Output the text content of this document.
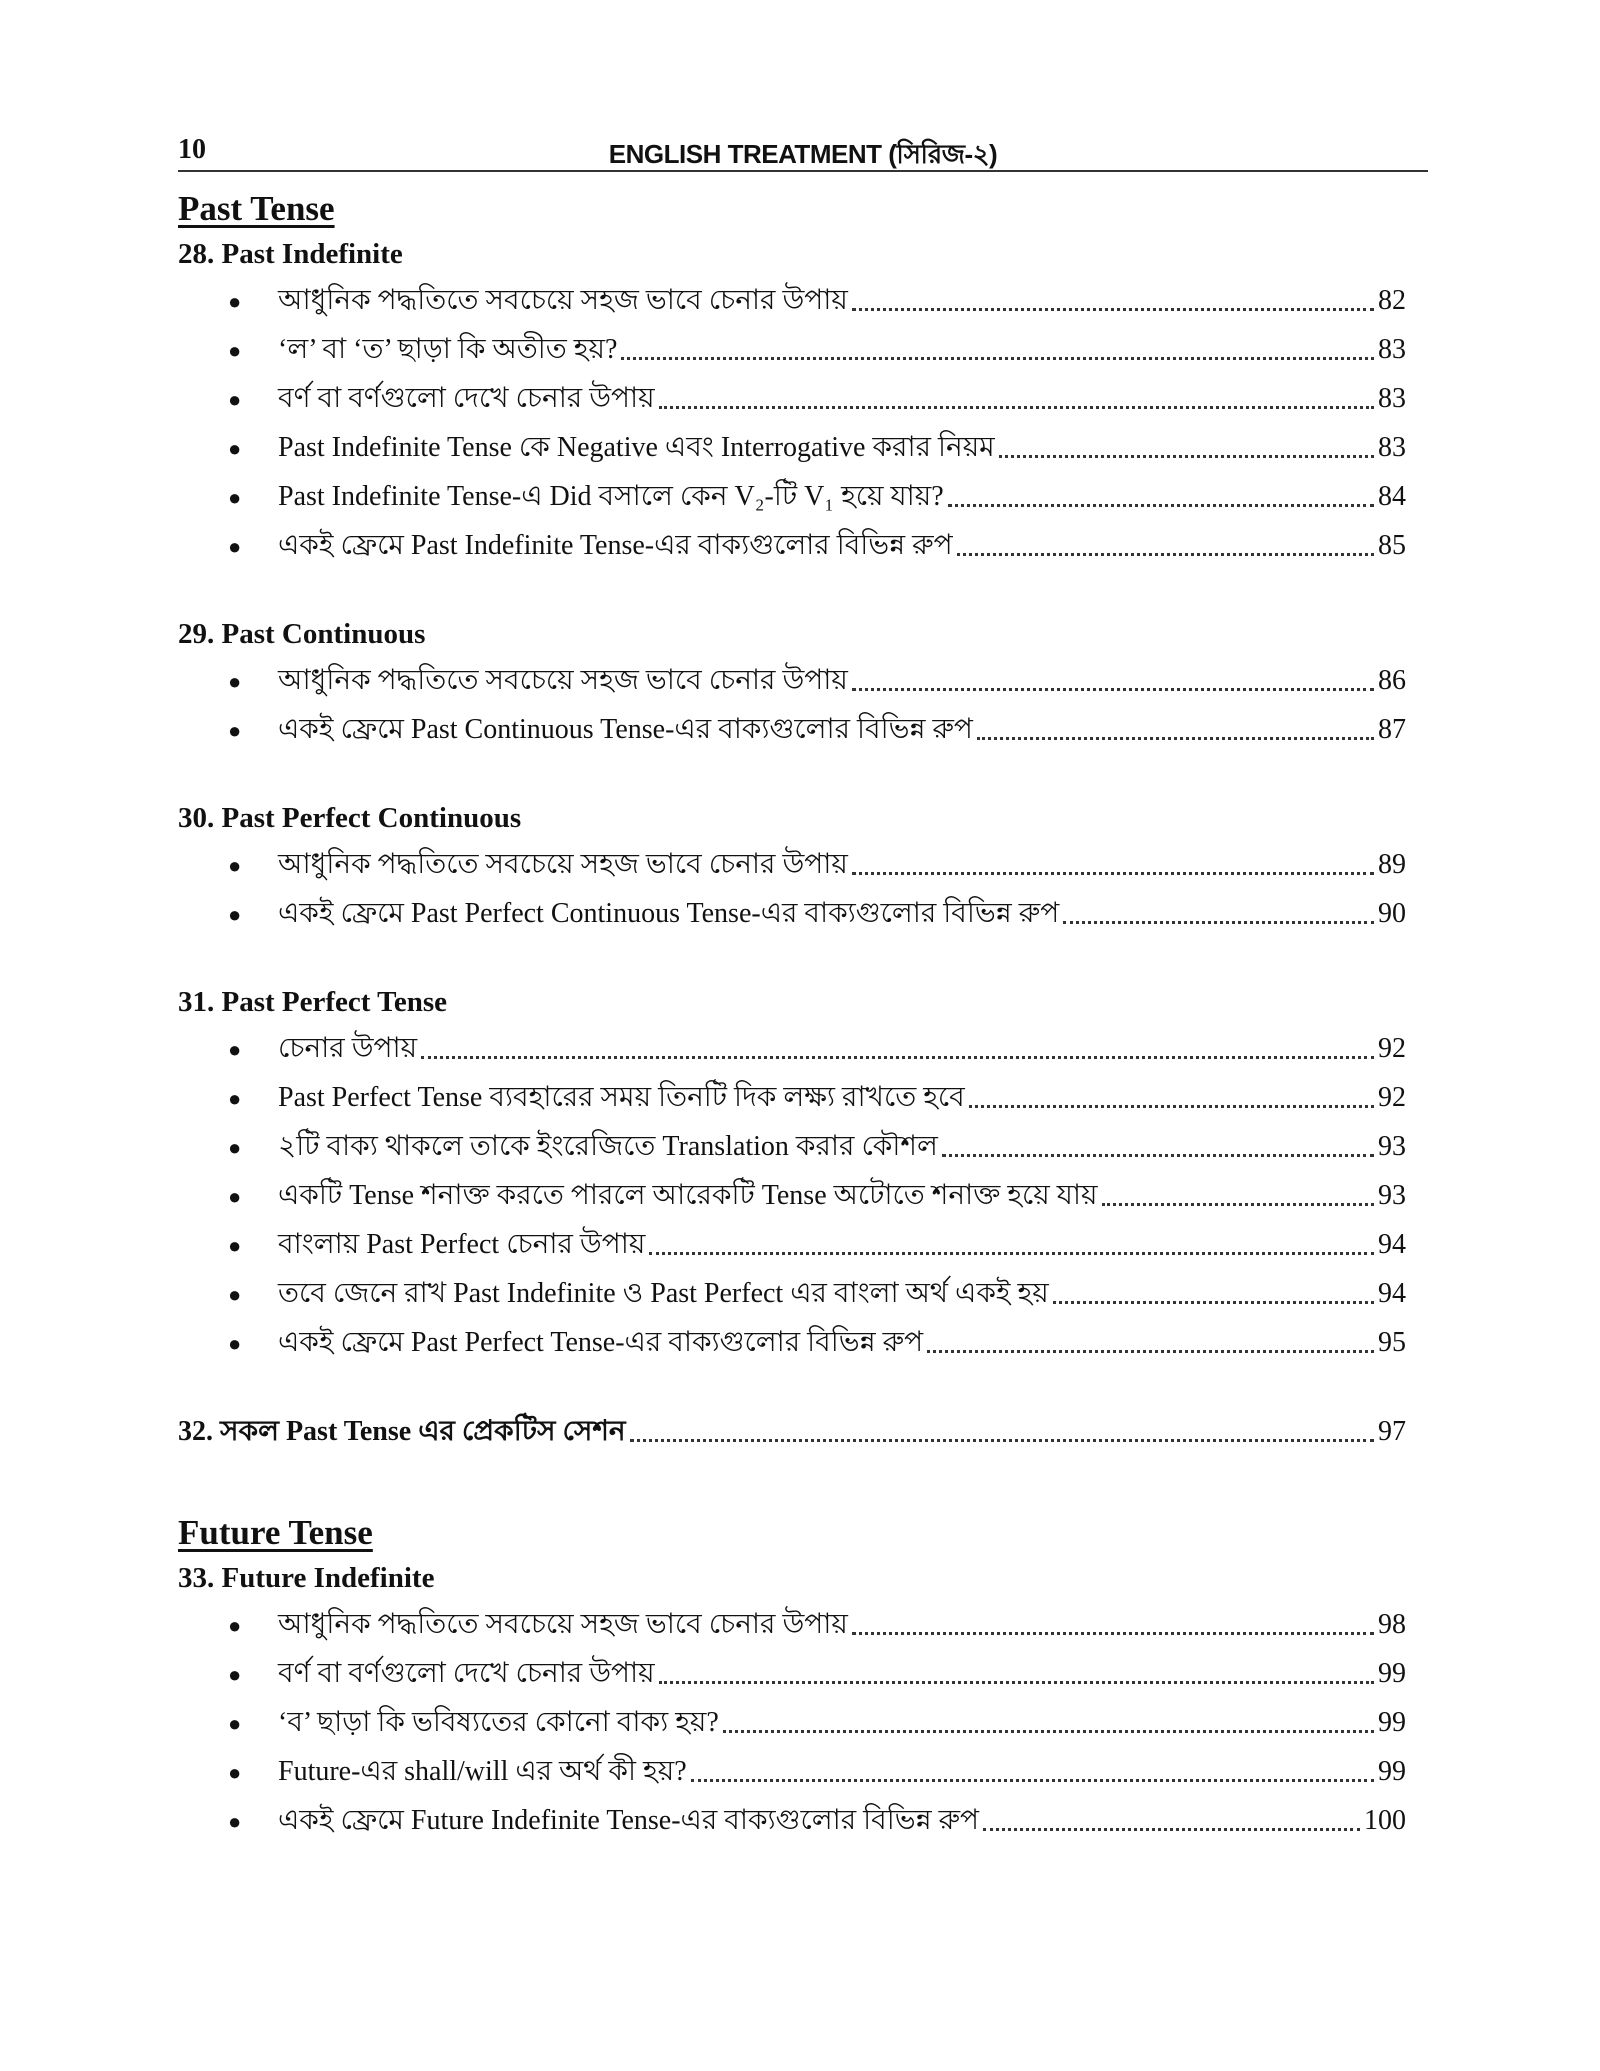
10	ENGLISH TREATMENT (সিরিজ-২)
Past Tense
28. Past Indefinite
●	আধুনিক পদ্ধতিতে সবচেয়ে সহজ ভাবে চেনার উপায়	82
●	‘ল’ বা ‘ত’ ছাড়া কি অতীত হয়?	83
●	বর্ণ বা বর্ণগুলো দেখে চেনার উপায়	83
●	Past Indefinite Tense কে Negative এবং Interrogative করার নিয়ম	83
●	Past Indefinite Tense-এ Did বসালে কেন V₂-টি V₁ হয়ে যায়?	84
●	একই ফ্রেমে Past Indefinite Tense-এর বাক্যগুলোর বিভিন্ন রুপ	85
29. Past Continuous
●	আধুনিক পদ্ধতিতে সবচেয়ে সহজ ভাবে চেনার উপায়	86
●	একই ফ্রেমে Past Continuous Tense-এর বাক্যগুলোর বিভিন্ন রুপ	87
30. Past Perfect Continuous
●	আধুনিক পদ্ধতিতে সবচেয়ে সহজ ভাবে চেনার উপায়	89
●	একই ফ্রেমে Past Perfect Continuous Tense-এর বাক্যগুলোর বিভিন্ন রুপ	90
31. Past Perfect Tense
●	চেনার উপায়	92
●	Past Perfect Tense ব্যবহারের সময় তিনটি দিক লক্ষ্য রাখতে হবে	92
●	২টি বাক্য থাকলে তাকে ইংরেজিতে Translation করার কৌশল	93
●	একটি Tense শনাক্ত করতে পারলে আরেকটি Tense অটোতে শনাক্ত হয়ে যায়	93
●	বাংলায় Past Perfect চেনার উপায়	94
●	তবে জেনে রাখ Past Indefinite ও Past Perfect এর বাংলা অর্থ একই হয়	94
●	একই ফ্রেমে Past Perfect Tense-এর বাক্যগুলোর বিভিন্ন রুপ	95
32. সকল Past Tense এর প্রেকটিস সেশন	97
Future Tense
33. Future Indefinite
●	আধুনিক পদ্ধতিতে সবচেয়ে সহজ ভাবে চেনার উপায়	98
●	বর্ণ বা বর্ণগুলো দেখে চেনার উপায়	99
●	‘ব’ ছাড়া কি ভবিষ্যতের কোনো বাক্য হয়?	99
●	Future-এর shall/will এর অর্থ কী হয়?	99
●	একই ফ্রেমে Future Indefinite Tense-এর বাক্যগুলোর বিভিন্ন রুপ	100
